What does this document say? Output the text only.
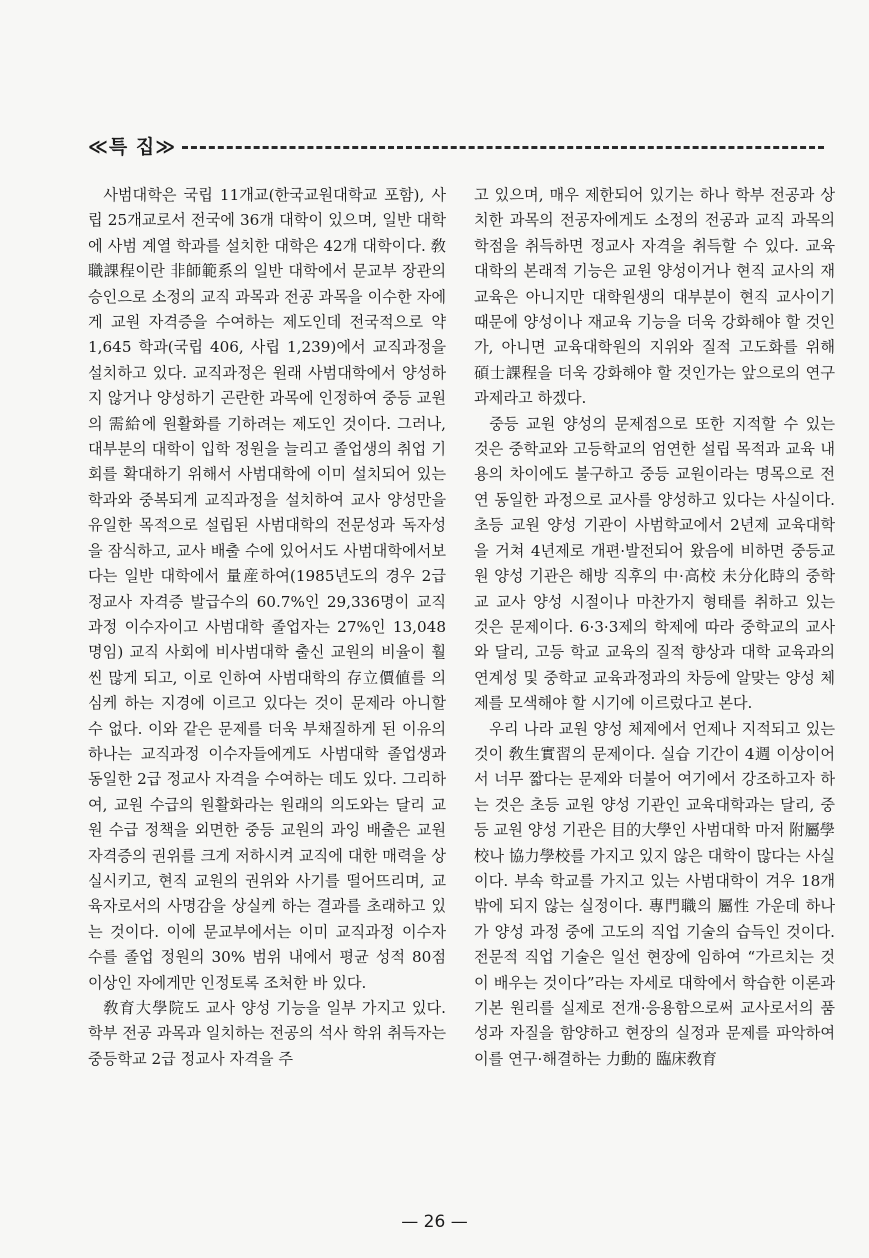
≪특 집≫

사범대학은 국립 11개교(한국교원대학교 포함), 사립 25개교로서 전국에 36개 대학이 있으며, 일반 대학에 사범 계열 학과를 설치한 대학은 42개 대학이다. 敎職課程이란 非師範系의 일반 대학에서 문교부 장관의 승인으로 소정의 교직 과목과 전공 과목을 이수한 자에게 교원 자격증을 수여하는 제도인데 전국적으로 약 1,645 학과(국립 406, 사립 1,239)에서 교직과정을 설치하고 있다. 교직과정은 원래 사범대학에서 양성하지 않거나 양성하기 곤란한 과목에 인정하여 중등 교원의 需給에 원활화를 기하려는 제도인 것이다. 그러나, 대부분의 대학이 입학 정원을 늘리고 졸업생의 취업 기회를 확대하기 위해서 사범대학에 이미 설치되어 있는 학과와 중복되게 교직과정을 설치하여 교사 양성만을 유일한 목적으로 설립된 사범대학의 전문성과 독자성을 잠식하고, 교사 배출 수에 있어서도 사범대학에서보다는 일반 대학에서 量産하여(1985년도의 경우 2급 정교사 자격증 발급수의 60.7%인 29,336명이 교직 과정 이수자이고 사범대학 졸업자는 27%인 13,048명임) 교직 사회에 비사범대학 출신 교원의 비율이 훨씬 많게 되고, 이로 인하여 사범대학의 存立價値를 의심케 하는 지경에 이르고 있다는 것이 문제라 아니할 수 없다. 이와 같은 문제를 더욱 부채질하게 된 이유의 하나는 교직과정 이수자들에게도 사범대학 졸업생과 동일한 2급 정교사 자격을 수여하는 데도 있다. 그리하여, 교원 수급의 원활화라는 원래의 의도와는 달리 교원 수급 정책을 외면한 중등 교원의 과잉 배출은 교원 자격증의 권위를 크게 저하시켜 교직에 대한 매력을 상실시키고, 현직 교원의 권위와 사기를 떨어뜨리며, 교육자로서의 사명감을 상실케 하는 결과를 초래하고 있는 것이다. 이에 문교부에서는 이미 교직과정 이수자 수를 졸업 정원의 30% 범위 내에서 평균 성적 80점 이상인 자에게만 인정토록 조처한 바 있다.

敎育大學院도 교사 양성 기능을 일부 가지고 있다. 학부 전공 과목과 일치하는 전공의 석사 학위 취득자는 중등학교 2급 정교사 자격을 주

고 있으며, 매우 제한되어 있기는 하나 학부 전공과 상치한 과목의 전공자에게도 소정의 전공과 교직 과목의 학점을 취득하면 정교사 자격을 취득할 수 있다. 교육대학의 본래적 기능은 교원 양성이거나 현직 교사의 재교육은 아니지만 대학원생의 대부분이 현직 교사이기 때문에 양성이나 재교육 기능을 더욱 강화해야 할 것인가, 아니면 교육대학원의 지위와 질적 고도화를 위해 碩士課程을 더욱 강화해야 할 것인가는 앞으로의 연구 과제라고 하겠다.

중등 교원 양성의 문제점으로 또한 지적할 수 있는 것은 중학교와 고등학교의 엄연한 설립 목적과 교육 내용의 차이에도 불구하고 중등 교원이라는 명목으로 전연 동일한 과정으로 교사를 양성하고 있다는 사실이다. 초등 교원 양성 기관이 사범학교에서 2년제 교육대학을 거쳐 4년제로 개편·발전되어 왔음에 비하면 중등교원 양성 기관은 해방 직후의 中·高校 未分化時의 중학교 교사 양성 시절이나 마찬가지 형태를 취하고 있는 것은 문제이다. 6·3·3제의 학제에 따라 중학교의 교사와 달리, 고등 학교 교육의 질적 향상과 대학 교육과의 연계성 및 중학교 교육과정과의 차등에 알맞는 양성 체제를 모색해야 할 시기에 이르렀다고 본다.

우리 나라 교원 양성 체제에서 언제나 지적되고 있는 것이 敎生實習의 문제이다. 실습 기간이 4週 이상이어서 너무 짧다는 문제와 더불어 여기에서 강조하고자 하는 것은 초등 교원 양성 기관인 교육대학과는 달리, 중등 교원 양성 기관은 目的大學인 사범대학 마저 附屬學校나 協力學校를 가지고 있지 않은 대학이 많다는 사실이다. 부속 학교를 가지고 있는 사범대학이 겨우 18개밖에 되지 않는 실정이다. 專門職의 屬性 가운데 하나가 양성 과정 중에 고도의 직업 기술의 습득인 것이다. 전문적 직업 기술은 일선 현장에 임하여 “가르치는 것이 배우는 것이다”라는 자세로 대학에서 학습한 이론과 기본 원리를 실제로 전개·응용함으로써 교사로서의 품성과 자질을 함양하고 현장의 실정과 문제를 파악하여 이를 연구·해결하는 力動的 臨床敎育

— 26 —
